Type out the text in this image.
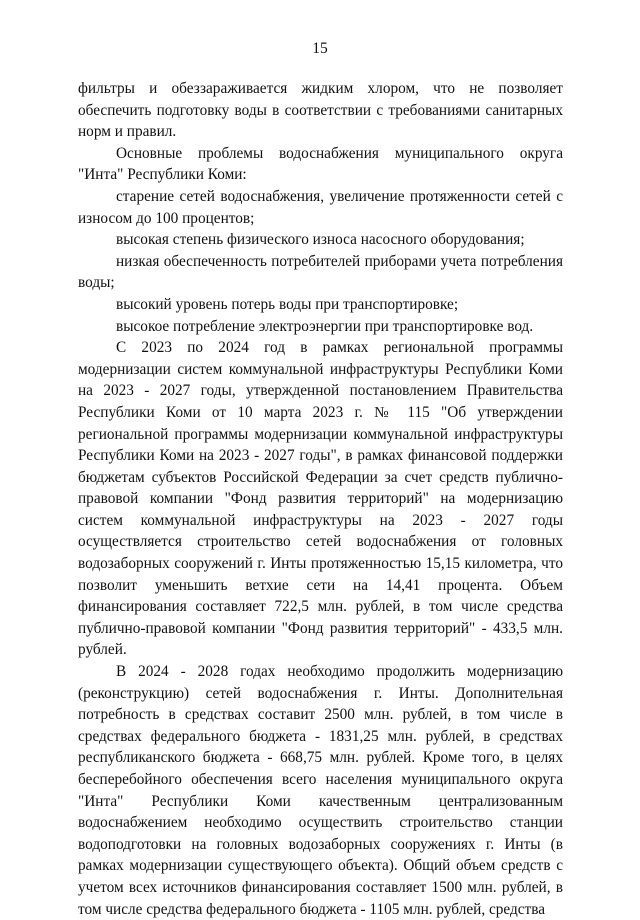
15

фильтры и обеззараживается жидким хлором, что не позволяет обеспечить подготовку воды в соответствии с требованиями санитарных норм и правил.

Основные проблемы водоснабжения муниципального округа "Инта" Республики Коми:

старение сетей водоснабжения, увеличение протяженности сетей с износом до 100 процентов;

высокая степень физического износа насосного оборудования;

низкая обеспеченность потребителей приборами учета потребления воды;

высокий уровень потерь воды при транспортировке;

высокое потребление электроэнергии при транспортировке вод.

С 2023 по 2024 год в рамках региональной программы модернизации систем коммунальной инфраструктуры Республики Коми на 2023 - 2027 годы, утвержденной постановлением Правительства Республики Коми от 10 марта 2023 г. № 115 "Об утверждении региональной программы модернизации коммунальной инфраструктуры Республики Коми на 2023 - 2027 годы", в рамках финансовой поддержки бюджетам субъектов Российской Федерации за счет средств публично-правовой компании "Фонд развития территорий" на модернизацию систем коммунальной инфраструктуры на 2023 - 2027 годы осуществляется строительство сетей водоснабжения от головных водозаборных сооружений г. Инты протяженностью 15,15 километра, что позволит уменьшить ветхие сети на 14,41 процента. Объем финансирования составляет 722,5 млн. рублей, в том числе средства публично-правовой компании "Фонд развития территорий" - 433,5 млн. рублей.

В 2024 - 2028 годах необходимо продолжить модернизацию (реконструкцию) сетей водоснабжения г. Инты. Дополнительная потребность в средствах составит 2500 млн. рублей, в том числе в средствах федерального бюджета - 1831,25 млн. рублей, в средствах республиканского бюджета - 668,75 млн. рублей. Кроме того, в целях бесперебойного обеспечения всего населения муниципального округа "Инта" Республики Коми качественным централизованным водоснабжением необходимо осуществить строительство станции водоподготовки на головных водозаборных сооружениях г. Инты (в рамках модернизации существующего объекта). Общий объем средств с учетом всех источников финансирования составляет 1500 млн. рублей, в том числе средства федерального бюджета - 1105 млн. рублей, средства
